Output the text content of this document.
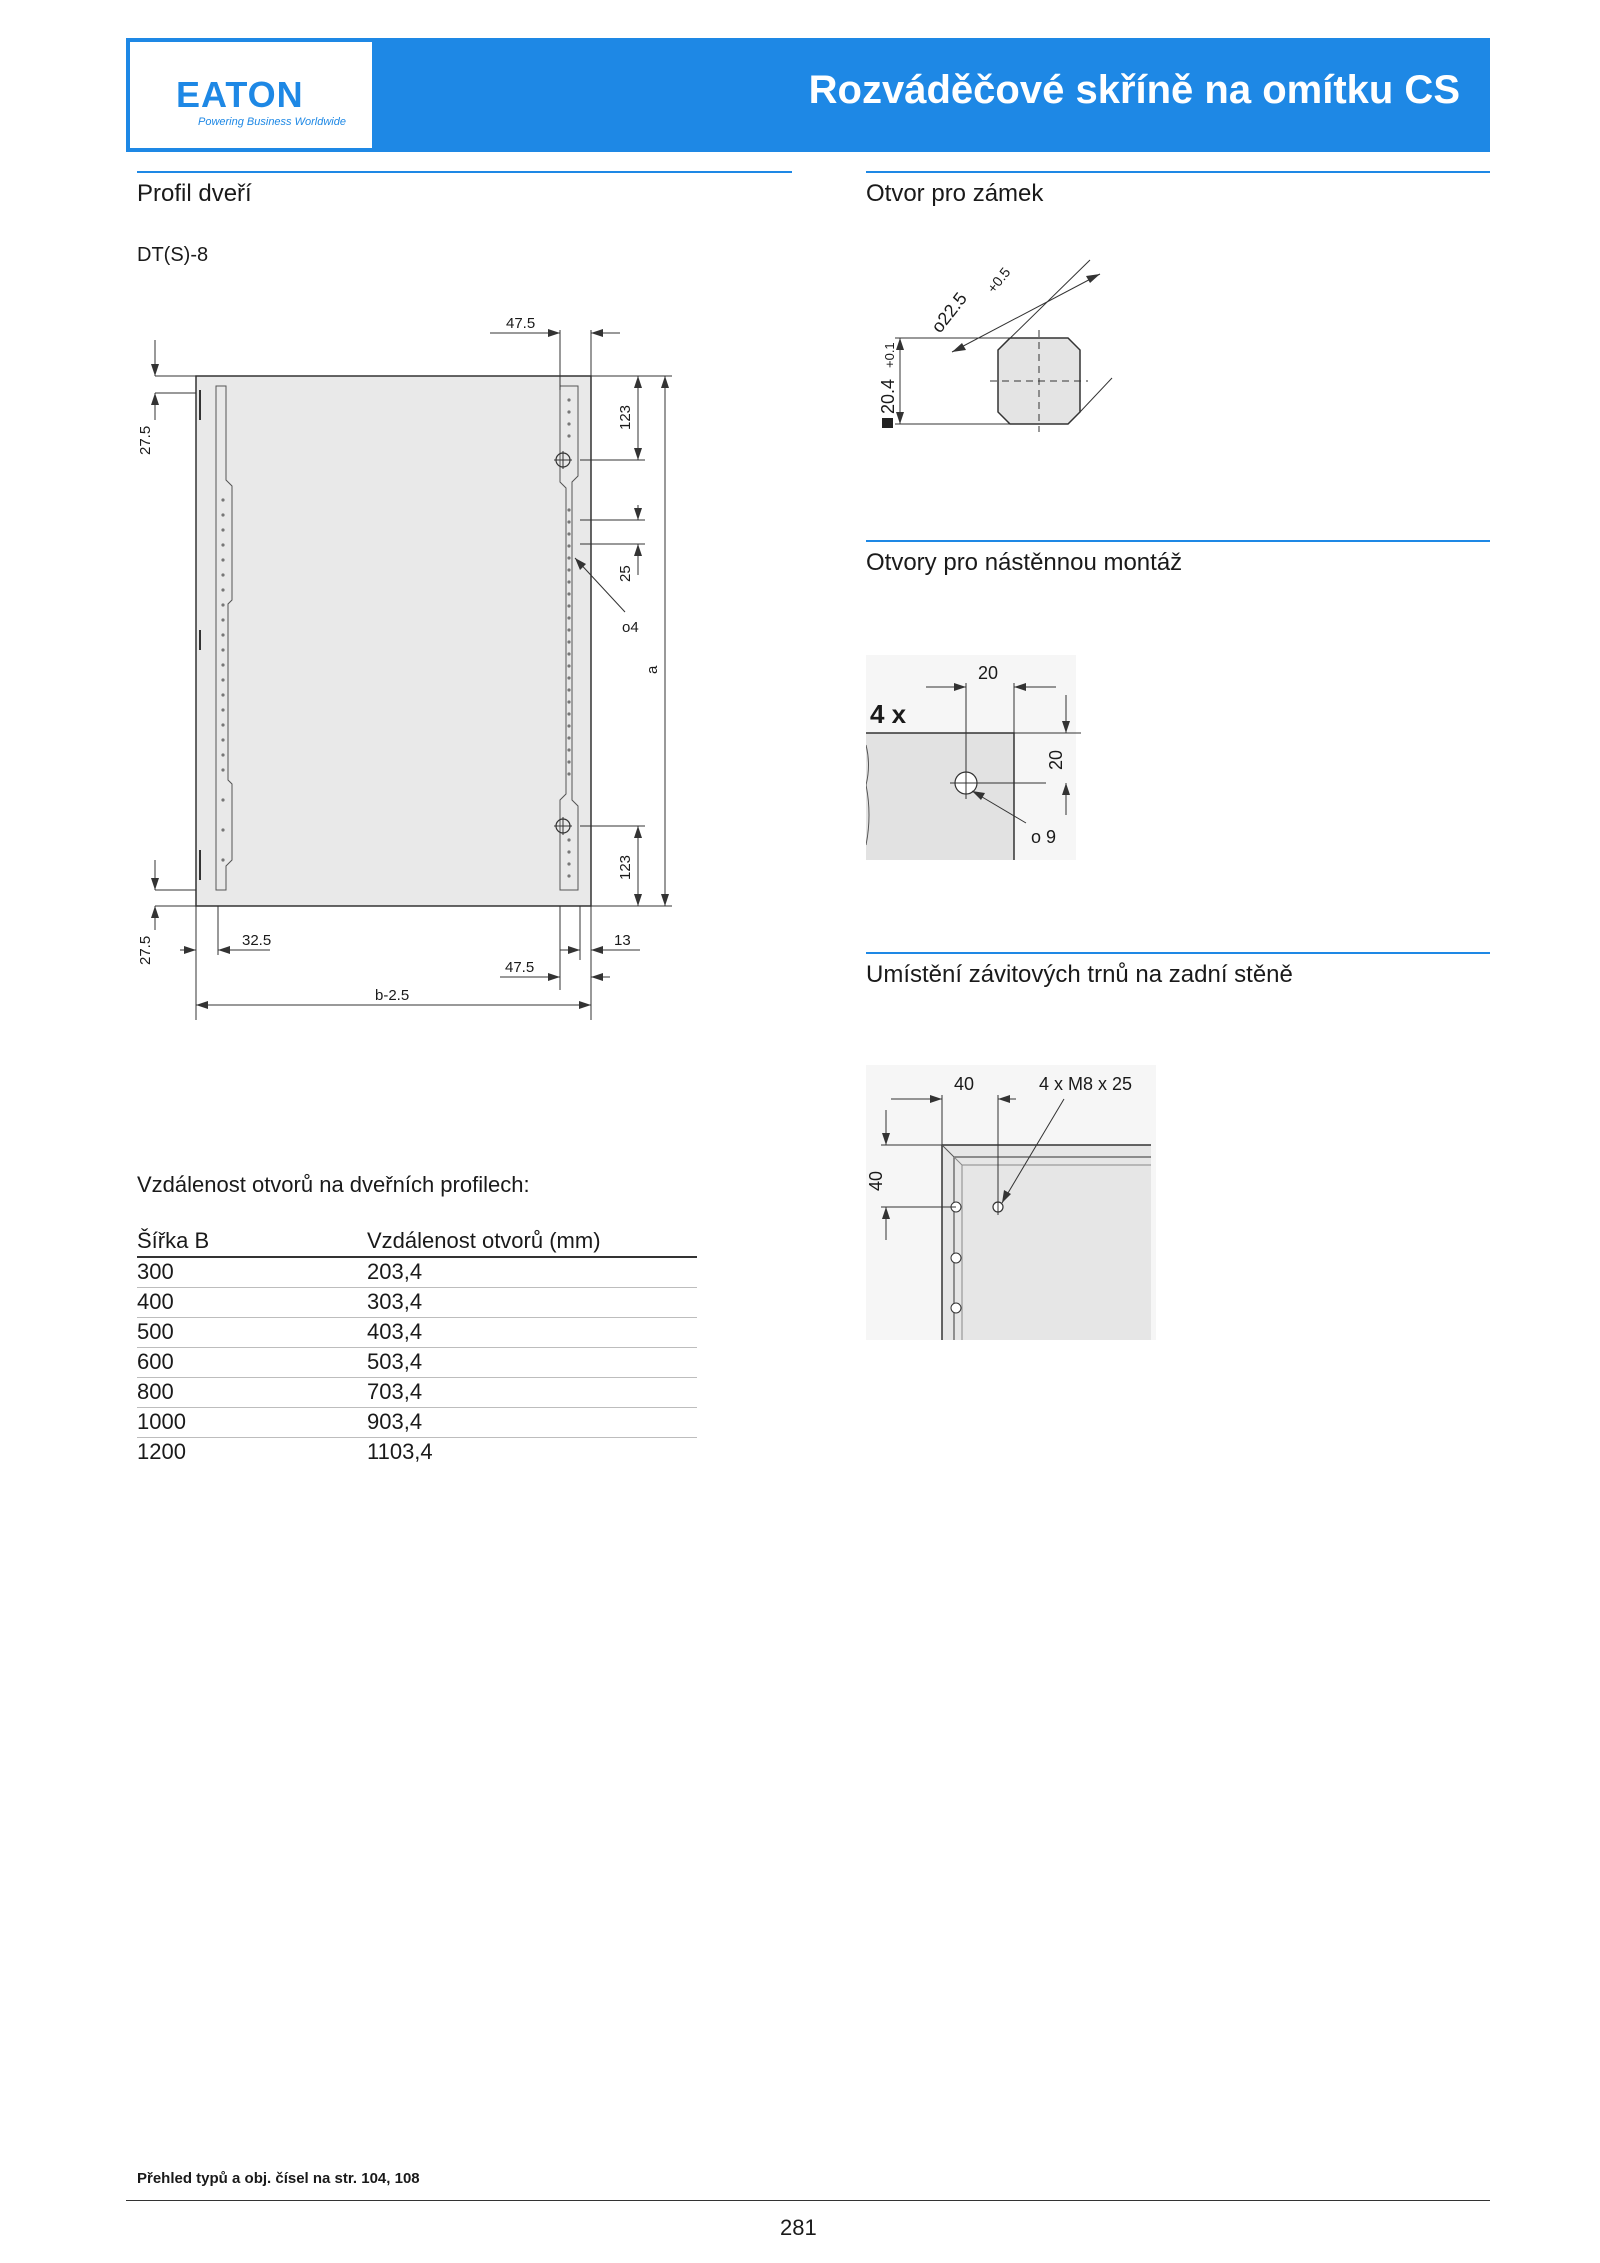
EATON
Powering Business Worldwide
Rozváděčové skříně na omítku CS
Profil dveří
DT(S)-8
47.5
123
25
a
123
o4
27.5
27.5	32.5	13
47.5
b-2.5
Otvor pro zámek
o22.5
+0.5
20.4
+0.1
Otvory pro nástěnnou montáž
20
20
o 9
4 x
Umístění závitových trnů na zadní stěně
40	4 x M8 x 25
40
Vzdálenost otvorů na dveřních profilech:
Šířka B	Vzdálenost otvorů (mm)
300	203,4
400	303,4
500	403,4
600	503,4
800	703,4
1000	903,4
1200	1103,4
Přehled typů a obj. čísel na str. 104, 108
281
